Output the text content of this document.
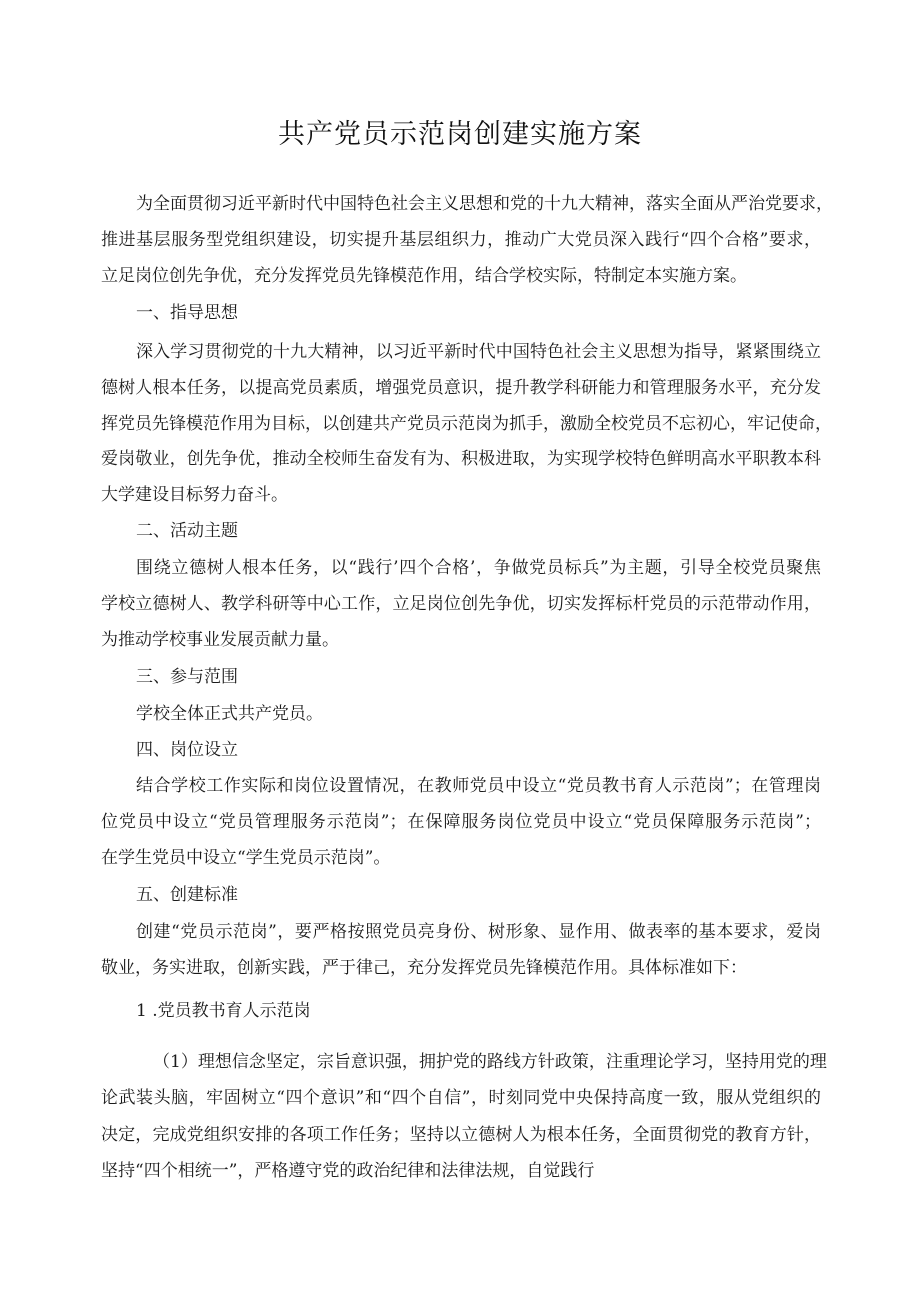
共产党员示范岗创建实施方案
为全面贯彻习近平新时代中国特色社会主义思想和党的十九大精神，落实全面从严治党要求，
推进基层服务型党组织建设，切实提升基层组织力，推动广大党员深入践行“四个合格”要求，
立足岗位创先争优，充分发挥党员先锋模范作用，结合学校实际，特制定本实施方案。
一、指导思想
深入学习贯彻党的十九大精神，以习近平新时代中国特色社会主义思想为指导，紧紧围绕立
德树人根本任务，以提高党员素质，增强党员意识，提升教学科研能力和管理服务水平，充分发
挥党员先锋模范作用为目标，以创建共产党员示范岗为抓手，激励全校党员不忘初心，牢记使命，
爱岗敬业，创先争优，推动全校师生奋发有为、积极进取，为实现学校特色鲜明高水平职教本科
大学建设目标努力奋斗。
二、活动主题
围绕立德树人根本任务，以“践行’四个合格’，争做党员标兵”为主题，引导全校党员聚焦
学校立德树人、教学科研等中心工作，立足岗位创先争优，切实发挥标杆党员的示范带动作用，
为推动学校事业发展贡献力量。
三、参与范围
学校全体正式共产党员。
四、岗位设立
结合学校工作实际和岗位设置情况，在教师党员中设立“党员教书育人示范岗”；在管理岗
位党员中设立“党员管理服务示范岗”；在保障服务岗位党员中设立“党员保障服务示范岗”；
在学生党员中设立“学生党员示范岗”。
五、创建标准
创建“党员示范岗”，要严格按照党员亮身份、树形象、显作用、做表率的基本要求，爱岗
敬业，务实进取，创新实践，严于律己，充分发挥党员先锋模范作用。具体标准如下：
1 .党员教书育人示范岗
（1）理想信念坚定，宗旨意识强，拥护党的路线方针政策，注重理论学习，坚持用党的理
论武装头脑，牢固树立“四个意识”和“四个自信”，时刻同党中央保持高度一致，服从党组织的
决定，完成党组织安排的各项工作任务；坚持以立德树人为根本任务，全面贯彻党的教育方针，
坚持“四个相统一”，严格遵守党的政治纪律和法律法规，自觉践行
